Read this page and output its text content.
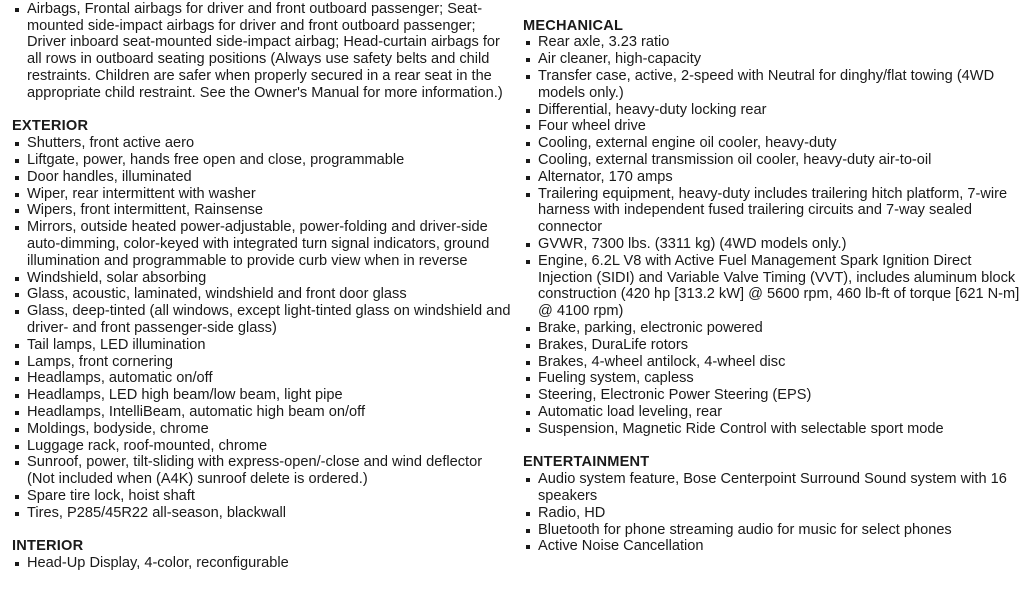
Airbags, Frontal airbags for driver and front outboard passenger; Seat-mounted side-impact airbags for driver and front outboard passenger; Driver inboard seat-mounted side-impact airbag; Head-curtain airbags for all rows in outboard seating positions (Always use safety belts and child restraints. Children are safer when properly secured in a rear seat in the appropriate child restraint. See the Owner's Manual for more information.)
EXTERIOR
Shutters, front active aero
Liftgate, power, hands free open and close, programmable
Door handles, illuminated
Wiper, rear intermittent with washer
Wipers, front intermittent, Rainsense
Mirrors, outside heated power-adjustable, power-folding and driver-side auto-dimming, color-keyed with integrated turn signal indicators, ground illumination and programmable to provide curb view when in reverse
Windshield, solar absorbing
Glass, acoustic, laminated, windshield and front door glass
Glass, deep-tinted (all windows, except light-tinted glass on windshield and driver- and front passenger-side glass)
Tail lamps, LED illumination
Lamps, front cornering
Headlamps, automatic on/off
Headlamps, LED high beam/low beam, light pipe
Headlamps, IntelliBeam, automatic high beam on/off
Moldings, bodyside, chrome
Luggage rack, roof-mounted, chrome
Sunroof, power, tilt-sliding with express-open/-close and wind deflector (Not included when (A4K) sunroof delete is ordered.)
Spare tire lock, hoist shaft
Tires, P285/45R22 all-season, blackwall
INTERIOR
Head-Up Display, 4-color, reconfigurable
MECHANICAL
Rear axle, 3.23 ratio
Air cleaner, high-capacity
Transfer case, active, 2-speed with Neutral for dinghy/flat towing (4WD models only.)
Differential, heavy-duty locking rear
Four wheel drive
Cooling, external engine oil cooler, heavy-duty
Cooling, external transmission oil cooler, heavy-duty air-to-oil
Alternator, 170 amps
Trailering equipment, heavy-duty includes trailering hitch platform, 7-wire harness with independent fused trailering circuits and 7-way sealed connector
GVWR, 7300 lbs. (3311 kg) (4WD models only.)
Engine, 6.2L V8 with Active Fuel Management Spark Ignition Direct Injection (SIDI) and Variable Valve Timing (VVT), includes aluminum block construction (420 hp [313.2 kW] @ 5600 rpm, 460 lb-ft of torque [621 N-m] @ 4100 rpm)
Brake, parking, electronic powered
Brakes, DuraLife rotors
Brakes, 4-wheel antilock, 4-wheel disc
Fueling system, capless
Steering, Electronic Power Steering (EPS)
Automatic load leveling, rear
Suspension, Magnetic Ride Control with selectable sport mode
ENTERTAINMENT
Audio system feature, Bose Centerpoint Surround Sound system with 16 speakers
Radio, HD
Bluetooth for phone streaming audio for music for select phones
Active Noise Cancellation
